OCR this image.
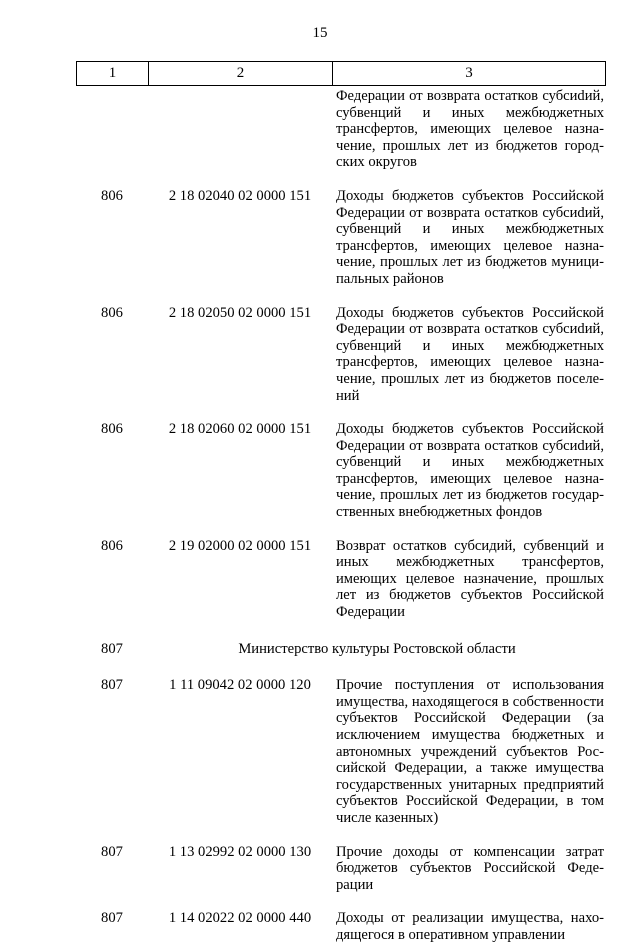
15
1	2	3
Федерации от возврата остатков субсиdий, субвенций и иных межбюджетных трансфертов, имеющих целевое назначение, прошлых лет из бюджетов городских округов
806	2 18 02040 02 0000 151	Доходы бюджетов субъектов Российской Федерации от возврата остатков субсиdий, субвенций и иных межбюджетных трансфертов, имеющих целевое назначение, прошлых лет из бюджетов муниципальных районов
806	2 18 02050 02 0000 151	Доходы бюджетов субъектов Российской Федерации от возврата остатков субсиdий, субвенций и иных межбюджетных трансфертов, имеющих целевое назначение, прошлых лет из бюджетов поселений
806	2 18 02060 02 0000 151	Доходы бюджетов субъектов Российской Федерации от возврата остатков субсиdий, субвенций и иных межбюджетных трансфертов, имеющих целевое назначение, прошлых лет из бюджетов государственных внебюджетных фондов
806	2 19 02000 02 0000 151	Возврат остатков субсидий, субвенций и иных межбюджетных трансфертов, имеющих целевое назначение, прошлых лет из бюджетов субъектов Российской Федерации
807	Министерство культуры Ростовской области
807	1 11 09042 02 0000 120	Прочие поступления от использования имущества, находящегося в собственности субъектов Российской Федерации (за исключением имущества бюджетных и автономных учреждений субъектов Российской Федерации, а также имущества государственных унитарных предприятий субъектов Российской Федерации, в том числе казенных)
807	1 13 02992 02 0000 130	Прочие доходы от компенсации затрат бюджетов субъектов Российской Федерации
807	1 14 02022 02 0000 440	Доходы от реализации имущества, находящегося в оперативном управлении
